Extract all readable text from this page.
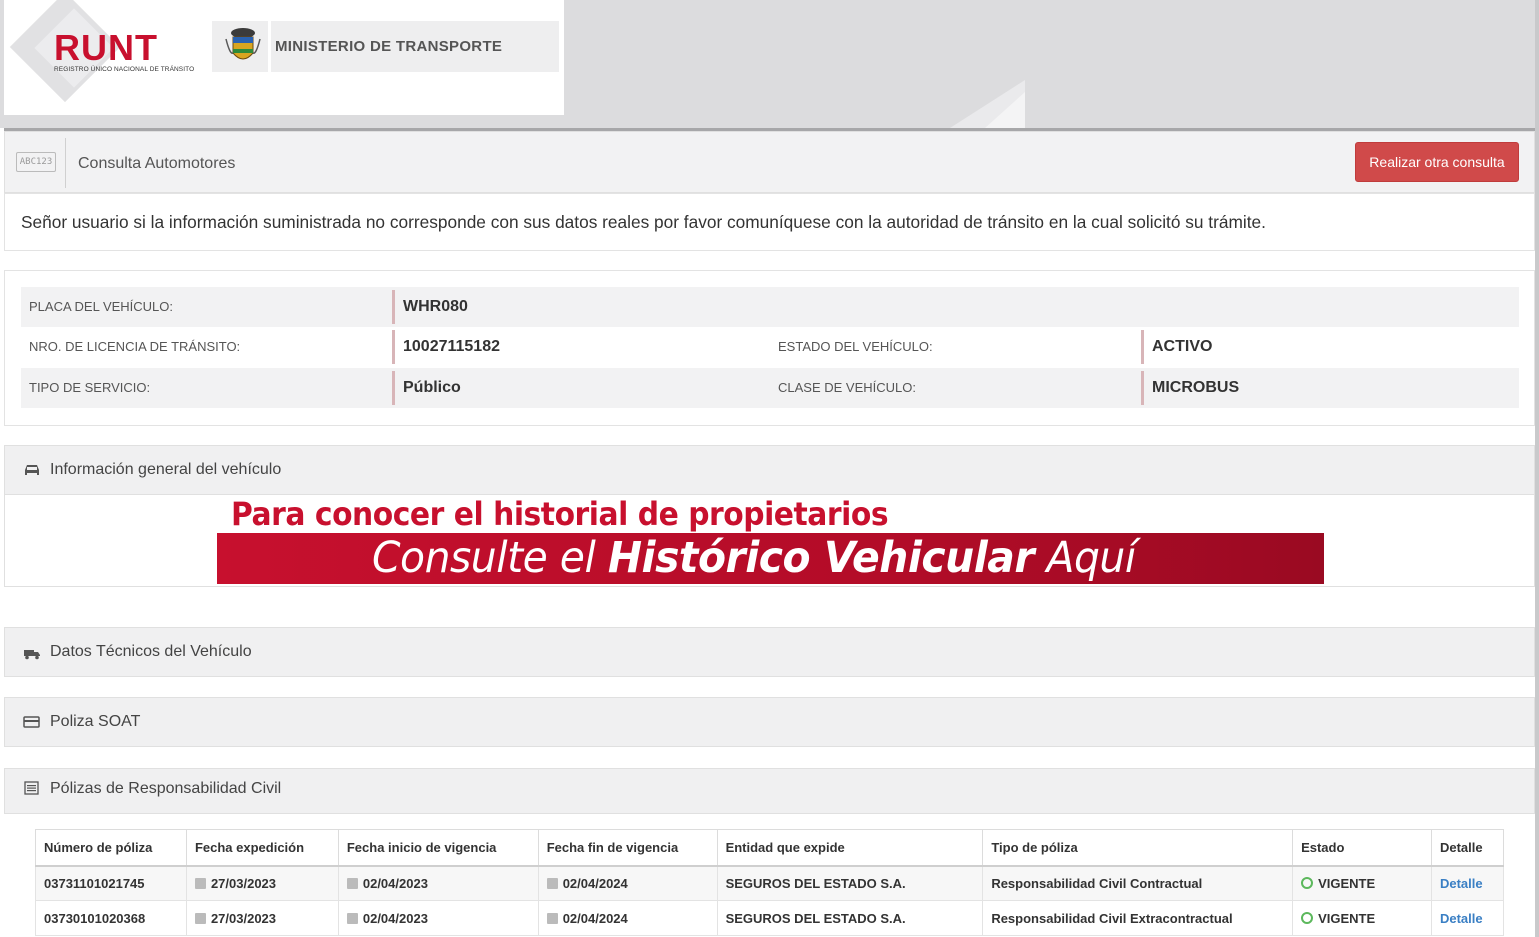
RUNT
REGISTRO ÚNICO NACIONAL DE TRÁNSITO
MINISTERIO DE TRANSPORTE
ABC123 Consulta Automotores	Realizar otra consulta
Señor usuario si la información suministrada no corresponde con sus datos reales por favor comuníquese con la autoridad de tránsito en la cual solicitó su trámite.
PLACA DEL VEHÍCULO:	WHR080
NRO. DE LICENCIA DE TRÁNSITO:	10027115182	ESTADO DEL VEHÍCULO:	ACTIVO
TIPO DE SERVICIO:	Público	CLASE DE VEHÍCULO:	MICROBUS
Información general del vehículo
Para conocer el historial de propietarios
Consulte el Histórico Vehicular Aquí
Datos Técnicos del Vehículo
Poliza SOAT
Pólizas de Responsabilidad Civil
Número de póliza	Fecha expedición	Fecha inicio de vigencia	Fecha fin de vigencia	Entidad que expide	Tipo de póliza	Estado	Detalle
03731101021745	27/03/2023	02/04/2023	02/04/2024	SEGUROS DEL ESTADO S.A.	Responsabilidad Civil Contractual	VIGENTE	Detalle
03730101020368	27/03/2023	02/04/2023	02/04/2024	SEGUROS DEL ESTADO S.A.	Responsabilidad Civil Extracontractual	VIGENTE	Detalle
